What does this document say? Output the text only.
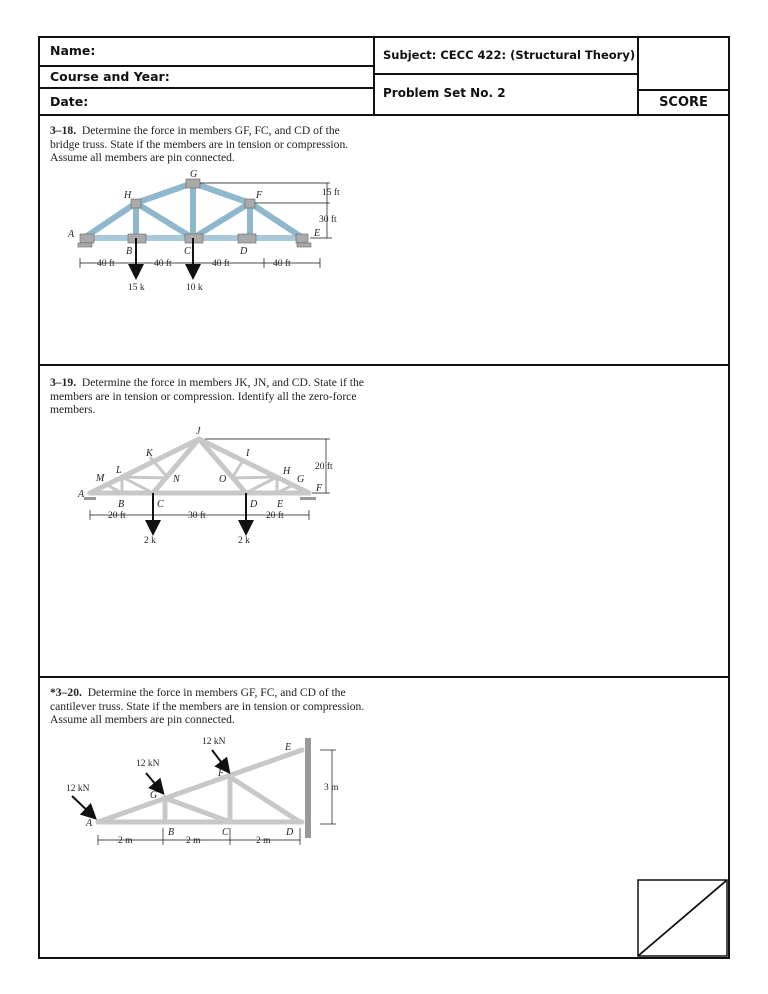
Name:
Course and Year:
Date:
Subject: CECC 422: (Structural Theory)
Problem Set No. 2
SCORE
3–18. Determine the force in members GF, FC, and CD of the bridge truss. State if the members are in tension or compression. Assume all members are pin connected.
3–19. Determine the force in members JK, JN, and CD. State if the members are in tension or compression. Identify all the zero-force members.
*3–20. Determine the force in members GF, FC, and CD of the cantilever truss. State if the members are in tension or compression. Assume all members are pin connected.
A
B	C	D
E
F
G
H
40 ft	40 ft	40 ft	40 ft
15 ft
30 ft
15 k	10 k
A
B	C	D E
F
G
H
I
J
K
L
M	N	O
20 ft	30 ft	20 ft
20 ft
2 k	2 k
A
B	C	D
E
F
G
2 m	2 m	2 m
3 m
12 kN
12 kN
12 kN
